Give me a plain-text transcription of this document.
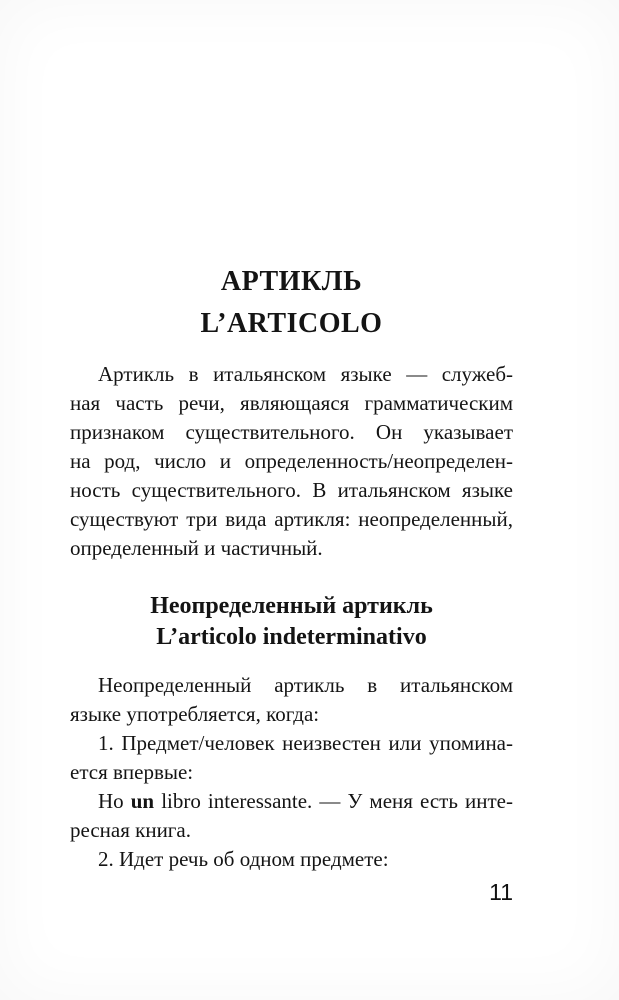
АРТИКЛЬ
L’ARTICOLO
Артикль в итальянском языке — служеб-
ная часть речи, являющаяся грамматическим
признаком существительного. Он указывает
на род, число и определенность/неопределен-
ность существительного. В итальянском языке
существуют три вида артикля: неопределенный,
определенный и частичный.
Неопределенный артикль
L’articolo indeterminativo
Неопределенный артикль в итальянском
языке употребляется, когда:
1. Предмет/человек неизвестен или упомина-
ется впервые:
Ho un libro interessante. — У меня есть инте-
ресная книга.
2. Идет речь об одном предмете:
11
